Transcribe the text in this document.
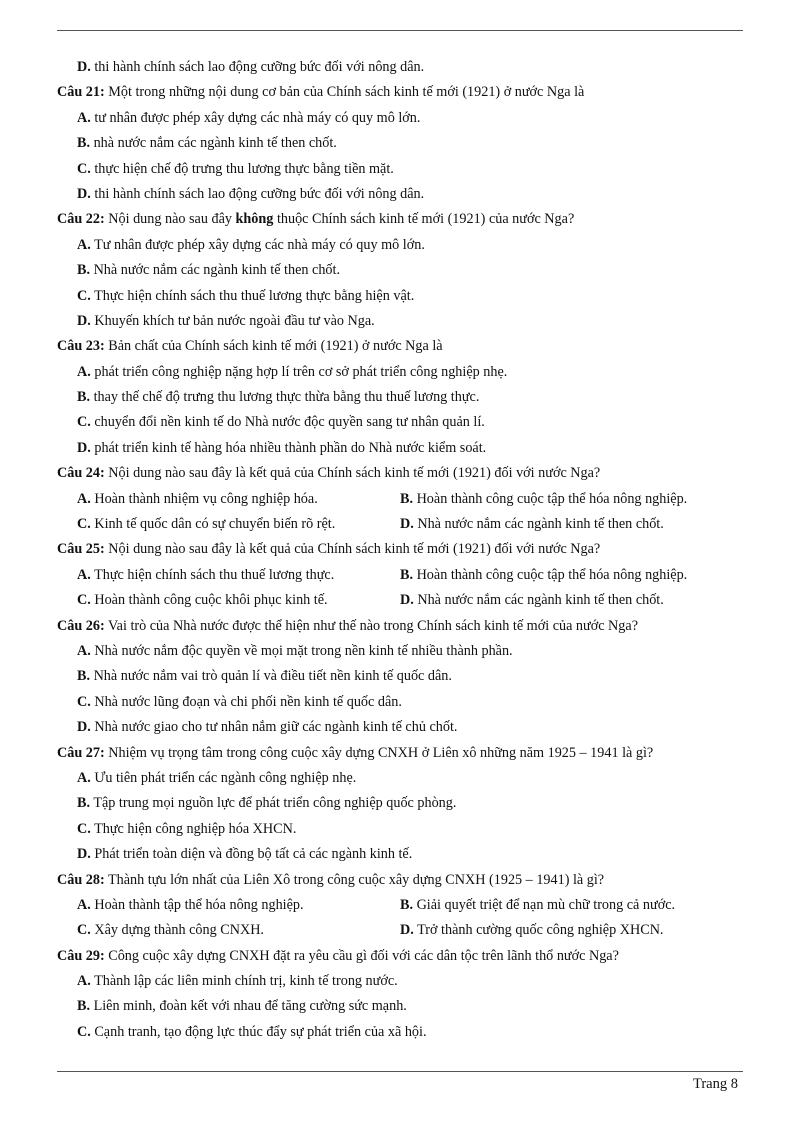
D. thi hành chính sách lao động cưỡng bức đối với nông dân.
Câu 21: Một trong những nội dung cơ bản của Chính sách kinh tế mới (1921) ở nước Nga là
A. tư nhân được phép xây dựng các nhà máy có quy mô lớn.
B. nhà nước nắm các ngành kinh tế then chốt.
C. thực hiện chế độ trưng thu lương thực bằng tiền mặt.
D. thi hành chính sách lao động cưỡng bức đối với nông dân.
Câu 22: Nội dung nào sau đây không thuộc Chính sách kinh tế mới (1921) của nước Nga?
A. Tư nhân được phép xây dựng các nhà máy có quy mô lớn.
B. Nhà nước nắm các ngành kinh tế then chốt.
C. Thực hiện chính sách thu thuế lương thực bằng hiện vật.
D. Khuyến khích tư bản nước ngoài đầu tư vào Nga.
Câu 23: Bản chất của Chính sách kinh tế mới (1921) ở nước Nga là
A. phát triển công nghiệp nặng hợp lí trên cơ sở phát triển công nghiệp nhẹ.
B. thay thế chế độ trưng thu lương thực thừa bằng thu thuế lương thực.
C. chuyển đổi nền kinh tế do Nhà nước độc quyền sang tư nhân quản lí.
D. phát triển kinh tế hàng hóa nhiều thành phần do Nhà nước kiểm soát.
Câu 24: Nội dung nào sau đây là kết quả của Chính sách kinh tế mới (1921) đối với nước Nga?
A. Hoàn thành nhiệm vụ công nghiệp hóa.	B. Hoàn thành công cuộc tập thể hóa nông nghiệp.
C. Kinh tế quốc dân có sự chuyển biến rõ rệt.	D. Nhà nước nắm các ngành kinh tế then chốt.
Câu 25: Nội dung nào sau đây là kết quả của Chính sách kinh tế mới (1921) đối với nước Nga?
A. Thực hiện chính sách thu thuế lương thực.	B. Hoàn thành công cuộc tập thể hóa nông nghiệp.
C. Hoàn thành công cuộc khôi phục kinh tế.	D. Nhà nước nắm các ngành kinh tế then chốt.
Câu 26: Vai trò của Nhà nước được thể hiện như thế nào trong Chính sách kinh tế mới của nước Nga?
A. Nhà nước nắm độc quyền về mọi mặt trong nền kinh tế nhiều thành phần.
B. Nhà nước nắm vai trò quản lí và điều tiết nền kinh tế quốc dân.
C. Nhà nước lũng đoạn và chi phối nền kinh tế quốc dân.
D. Nhà nước giao cho tư nhân nắm giữ các ngành kinh tế chủ chốt.
Câu 27: Nhiệm vụ trọng tâm trong công cuộc xây dựng CNXH ở Liên xô những năm 1925 – 1941 là gì?
A. Ưu tiên phát triển các ngành công nghiệp nhẹ.
B. Tập trung mọi nguồn lực để phát triển công nghiệp quốc phòng.
C. Thực hiện công nghiệp hóa XHCN.
D. Phát triển toàn diện và đồng bộ tất cả các ngành kinh tế.
Câu 28: Thành tựu lớn nhất của Liên Xô trong công cuộc xây dựng CNXH (1925 – 1941) là gì?
A. Hoàn thành tập thể hóa nông nghiệp.	B. Giải quyết triệt để nạn mù chữ trong cả nước.
C. Xây dựng thành công CNXH.	D. Trở thành cường quốc công nghiệp XHCN.
Câu 29: Công cuộc xây dựng CNXH đặt ra yêu cầu gì đối với các dân tộc trên lãnh thổ nước Nga?
A. Thành lập các liên minh chính trị, kinh tế trong nước.
B. Liên minh, đoàn kết với nhau để tăng cường sức mạnh.
C. Cạnh tranh, tạo động lực thúc đẩy sự phát triển của xã hội.
Trang 8
